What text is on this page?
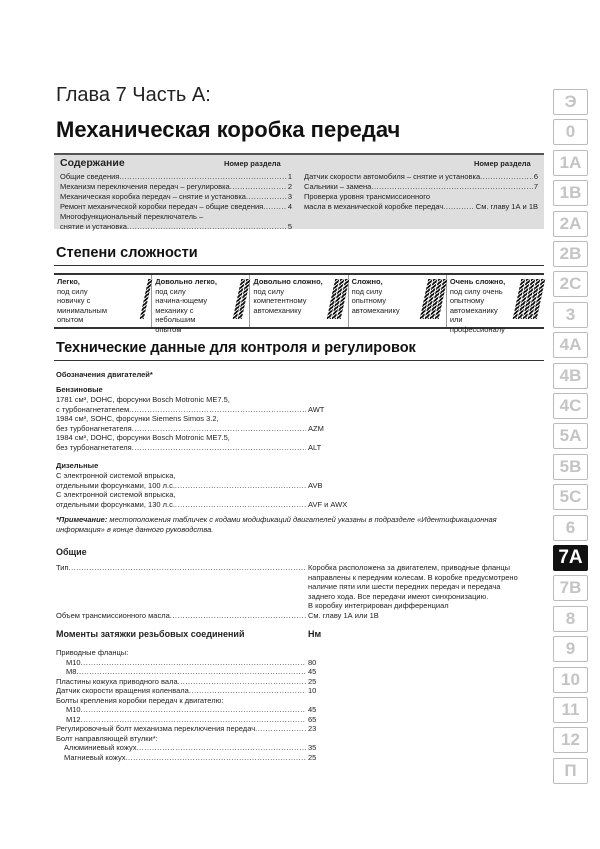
Глава 7 Часть А:
Механическая коробка передач
Содержание	Номер раздела	Номер раздела
Общие сведения .....	1
Механизм переключения передач – регулировка .....	2
Механическая коробка передач – снятие и установка .....	3
Ремонт механической коробки передач – общие сведения .....	4
Многофункциональный переключатель –
снятие и установка .....	5
Датчик скорости автомобиля – снятие и установка .....	6
Сальники – замена .....	7
Проверка уровня трансмиссионного
масла в механической коробке передач .....	См. главу 1А и 1В
Степени сложности
Легко,
под силу новичку с минимальным опытом
Довольно легко,
под силу начина-ющему механику с небольшим опытом
Довольно сложно,
под силу компетентному автомеханику
Сложно,
под силу опытному автомеханику
Очень сложно,
под силу очень опытному автомеханику или профессионалу
Технические данные для контроля и регулировок
Обозначения двигателей*
Бензиновые
1781 см³, DOHC, форсунки Bosch Motronic ME7.5,
с турбонагнетателем .....	AWT
1984 см³, SOHC, форсунки Siemens Simos 3.2,
без турбонагнетателя .....	AZM
1984 см³, DOHC, форсунки Bosch Motronic ME7.5,
без турбонагнетателя .....	ALT
Дизельные
С электронной системой впрыска,
отдельными форсунками, 100 л.с. .....	AVB
С электронной системой впрыска,
отдельными форсунками, 130 л.с. .....	AVF и AWX
*Примечание: местоположения табличек с кодами модификаций двигателей указаны в подразделе «Идентификационная информация» в конце данного руководства.
Общие
Тип .....	Коробка расположена за двигателем, приводные фланцы
направлены к передним колесам. В коробке предусмотрено
наличие пяти или шести передних передач и передача
заднего хода. Все передачи имеют синхронизацию.
В коробку интегрирован дифференциал
Объем трансмиссионного масла .....	См. главу 1А или 1В
Моменты затяжки резьбовых соединений	Нм
Приводные фланцы:
М10 .....	80
М8 .....	45
Пластины кожуха приводного вала .....	25
Датчик скорости вращения коленвала .....	10
Болты крепления коробки передач к двигателю:
М10 .....	45
М12 .....	65
Регулировочный болт механизма переключения передач .....	23
Болт направляющей втулки*:
Алюминиевый кожух .....	35
Магниевый кожух .....	25
Э
0
1А
1В
2А
2В
2С
3
4А
4В
4С
5А
5В
5С
6
7А
7В
8
9
10
11
12
П
